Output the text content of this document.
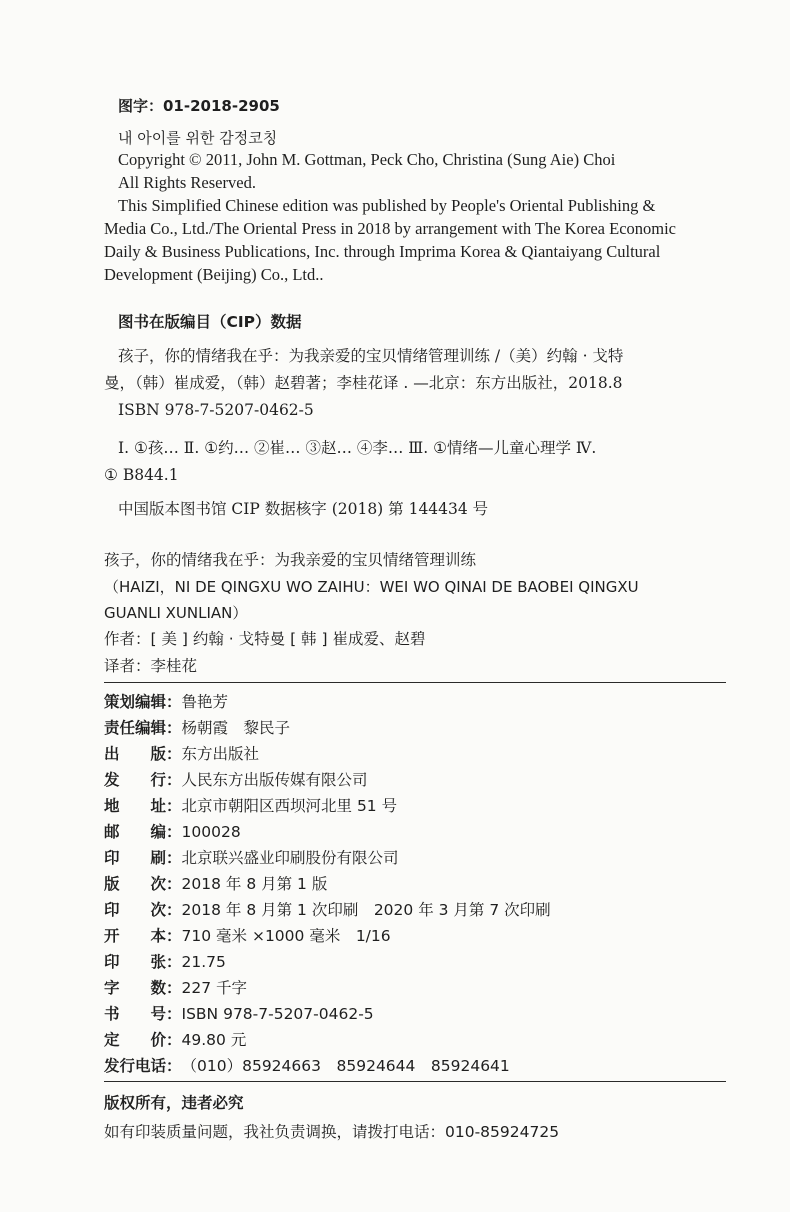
图字：01-2018-2905
내 아이를 위한 감정코칭
Copyright © 2011, John M. Gottman, Peck Cho, Christina (Sung Aie) Choi
All Rights Reserved.
This Simplified Chinese edition was published by People's Oriental Publishing &
Media Co., Ltd./The Oriental Press in 2018 by arrangement with The Korea Economic
Daily & Business Publications, Inc. through Imprima Korea & Qiantaiyang Cultural
Development (Beijing) Co., Ltd..
图书在版编目（CIP）数据
孩子，你的情绪我在乎：为我亲爱的宝贝情绪管理训练 /（美）约翰 · 戈特
曼，（韩）崔成爱，（韩）赵碧著；李桂花译 . —北京：东方出版社，2018.8
ISBN 978-7-5207-0462-5
Ⅰ. ①孩… Ⅱ. ①约… ②崔… ③赵… ④李… Ⅲ. ①情绪—儿童心理学 Ⅳ.
① B844.1
中国版本图书馆 CIP 数据核字 (2018) 第 144434 号
孩子，你的情绪我在乎：为我亲爱的宝贝情绪管理训练
（HAIZI，NI DE QINGXU WO ZAIHU：WEI WO QINAI DE BAOBEI QINGXU
GUANLI XUNLIAN）
作者：[ 美 ] 约翰 · 戈特曼 [ 韩 ] 崔成爱、赵碧
译者：李桂花
策划编辑：鲁艳芳
责任编辑：杨朝霞　黎民子
出　　版：东方出版社
发　　行：人民东方出版传媒有限公司
地　　址：北京市朝阳区西坝河北里 51 号
邮　　编：100028
印　　刷：北京联兴盛业印刷股份有限公司
版　　次：2018 年 8 月第 1 版
印　　次：2018 年 8 月第 1 次印刷　2020 年 3 月第 7 次印刷
开　　本：710 毫米 ×1000 毫米　1/16
印　　张：21.75
字　　数：227 千字
书　　号：ISBN 978-7-5207-0462-5
定　　价：49.80 元
发行电话：（010）85924663　85924644　85924641
版权所有，违者必究
如有印装质量问题，我社负责调换，请拨打电话：010-85924725
